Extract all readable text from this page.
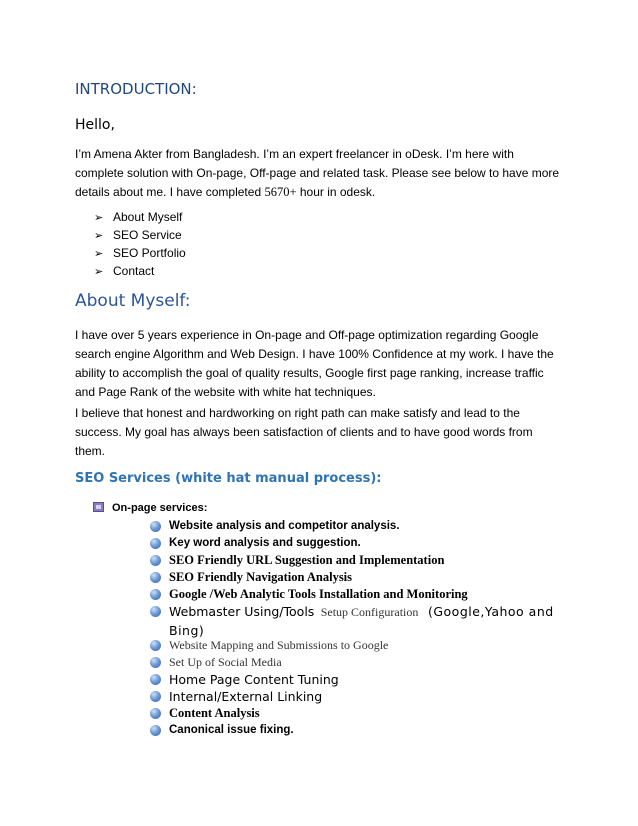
INTRODUCTION:
Hello,

I’m Amena Akter from Bangladesh. I’m an expert freelancer in oDesk. I’m here with complete solution with On-page, Off-page and related task. Please see below to have more details about me. I have completed 5670+ hour in odesk.

➢ About Myself
➢ SEO Service
➢ SEO Portfolio
➢ Contact
About Myself:

I have over 5 years experience in On-page and Off-page optimization regarding Google search engine Algorithm and Web Design. I have 100% Confidence at my work. I have the ability to accomplish the goal of quality results, Google first page ranking, increase traffic and Page Rank of the website with white hat techniques.

I believe that honest and hardworking on right path can make satisfy and lead to the success. My goal has always been satisfaction of clients and to have good words from them.

SEO Services (white hat manual process):
On-page services:
Website analysis and competitor analysis.
Key word analysis and suggestion.
SEO Friendly URL Suggestion and Implementation
SEO Friendly Navigation Analysis
Google /Web Analytic Tools Installation and Monitoring
Webmaster Using/Tools Setup Configuration (Google,Yahoo and Bing)
Website Mapping and Submissions to Google
Set Up of Social Media
Home Page Content Tuning
Internal/External Linking
Content Analysis
Canonical issue fixing.
